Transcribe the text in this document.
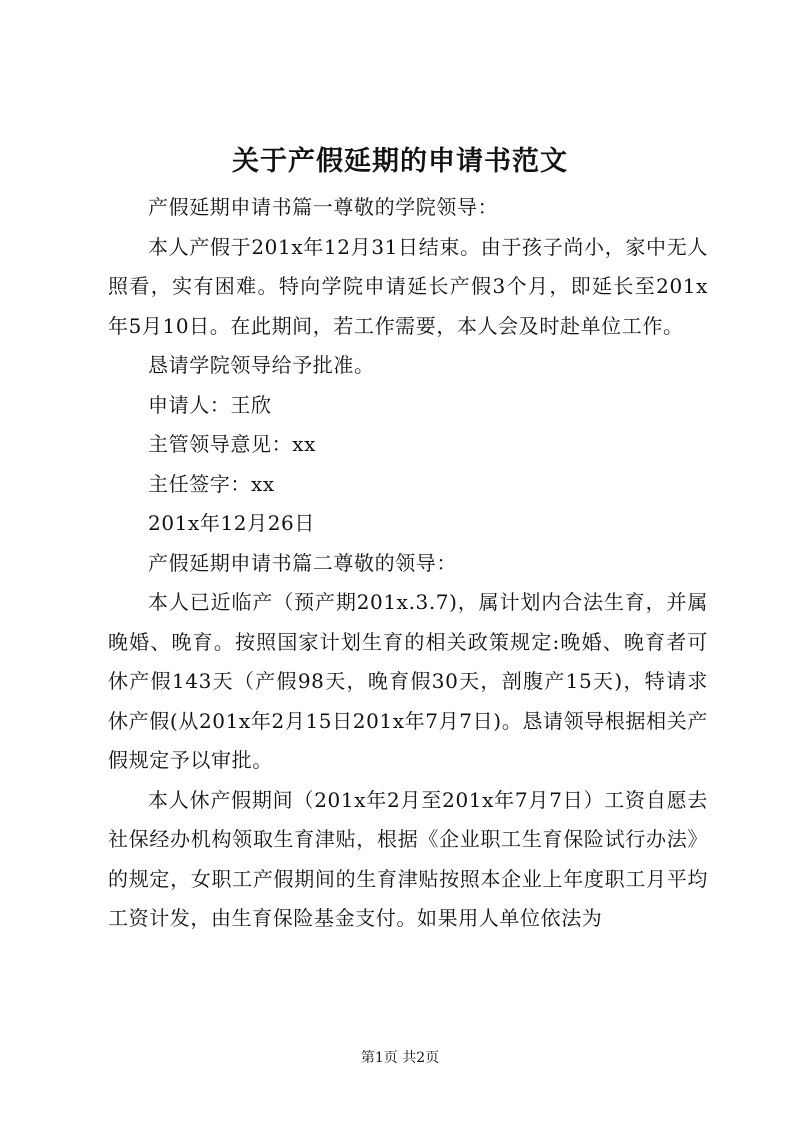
关于产假延期的申请书范文

产假延期申请书篇一尊敬的学院领导：

本人产假于201x年12月31日结束。由于孩子尚小，家中无人照看，实有困难。特向学院申请延长产假3个月，即延长至201x年5月10日。在此期间，若工作需要，本人会及时赴单位工作。

恳请学院领导给予批准。

申请人：王欣

主管领导意见：xx

主任签字：xx

201x年12月26日

产假延期申请书篇二尊敬的领导：

本人已近临产（预产期201x.3.7)，属计划内合法生育，并属晚婚、晚育。按照国家计划生育的相关政策规定:晚婚、晚育者可休产假143天（产假98天，晚育假30天，剖腹产15天)，特请求休产假(从201x年2月15日201x年7月7日)。恳请领导根据相关产假规定予以审批。

本人休产假期间（201x年2月至201x年7月7日）工资自愿去社保经办机构领取生育津贴，根据《企业职工生育保险试行办法》的规定，女职工产假期间的生育津贴按照本企业上年度职工月平均工资计发，由生育保险基金支付。如果用人单位依法为

第1页 共2页
